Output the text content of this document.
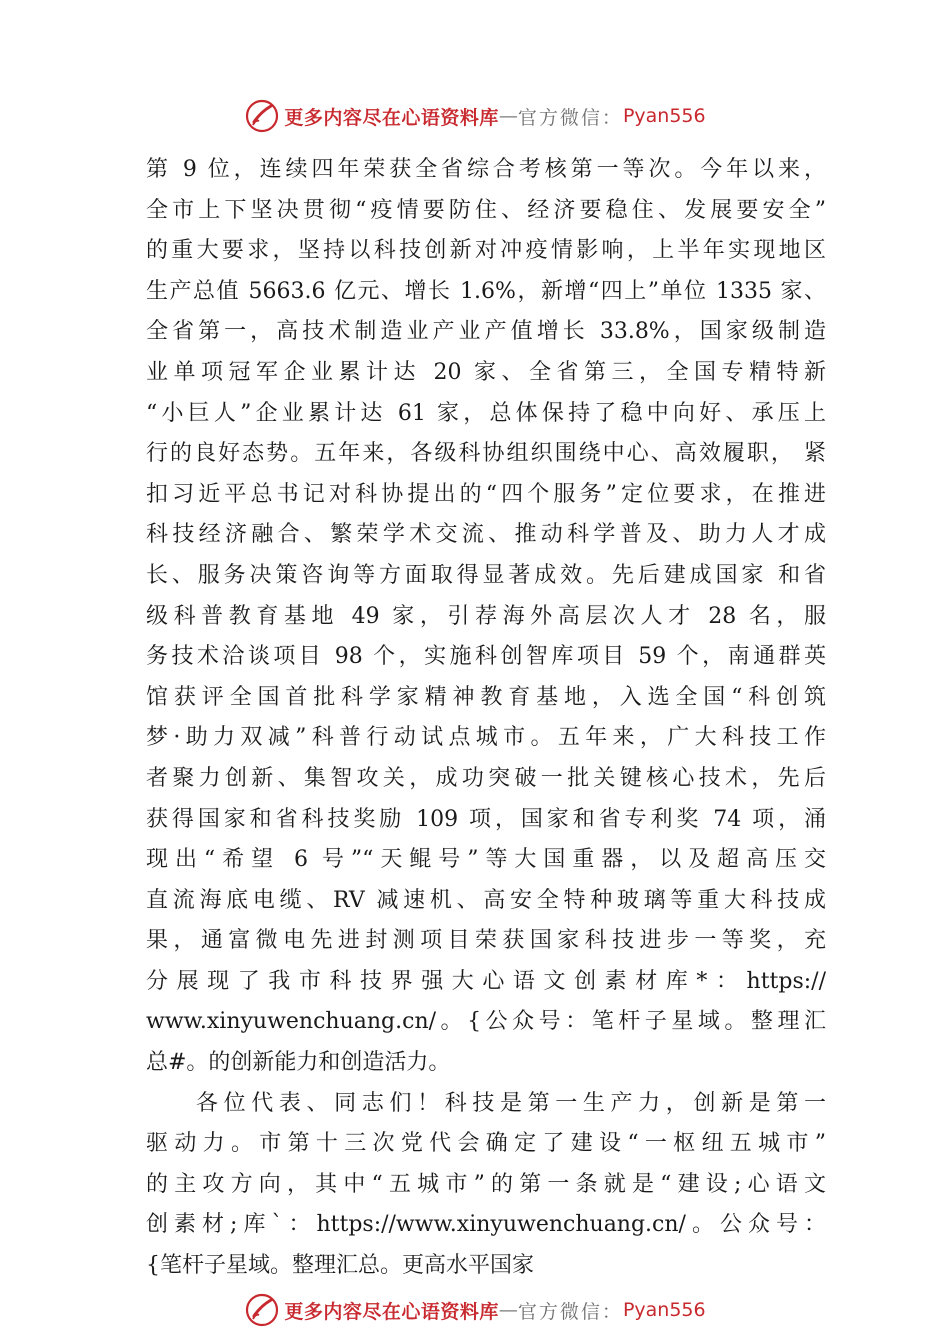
更多内容尽在心语资料库 — 官方微信： Pyan556
第 9 位，连续四年荣获全省综合考核第一等次。今年以来，
全市上下坚决贯彻“疫情要防住、经济要稳住、发展要安全”
的重大要求，坚持以科技创新对冲疫情影响，上半年实现地区
生产总值 5663.6 亿元、增长 1.6%，新增“四上”单位 1335 家、
全省第一，高技术制造业产业产值增长 33.8%，国家级制造
业单项冠军企业累计达 20 家、全省第三，全国专精特新
“小巨人”企业累计达 61 家，总体保持了稳中向好、承压上
行的良好态势。五年来，各级科协组织围绕中心、高效履职， 紧
扣习近平总书记对科协提出的“四个服务”定位要求，在推进
科技经济融合、繁荣学术交流、推动科学普及、助力人才成
长、服务决策咨询等方面取得显著成效。先后建成国家 和省
级科普教育基地 49 家，引荐海外高层次人才 28 名，服
务技术洽谈项目 98 个，实施科创智库项目 59 个，南通群英
馆获评全国首批科学家精神教育基地，入选全国“科创筑
梦·助力双减”科普行动试点城市。五年来，广大科技工作
者聚力创新、集智攻关，成功突破一批关键核心技术，先后
获得国家和省科技奖励 109 项，国家和省专利奖 74 项，涌
现出“希望 6 号”“天鲲号”等大国重器，以及超高压交
直流海底电缆、RV 减速机、高安全特种玻璃等重大科技成
果，通富微电先进封测项目荣获国家科技进步一等奖，充
分展现了我市科技界强大心语文创素材库*：https://
www.xinyuwenchuang.cn/。{公众号：笔杆子星域。整理汇
总#。的创新能力和创造活力。
各位代表、同志们！科技是第一生产力，创新是第一
驱动力。市第十三次党代会确定了建设“一枢纽五城市”
的主攻方向，其中“五城市”的第一条就是“建设;心语文
创素材;库`：https://www.xinyuwenchuang.cn/。公众号：
{笔杆子星域。整理汇总。更高水平国家
更多内容尽在心语资料库 — 官方微信： Pyan556
